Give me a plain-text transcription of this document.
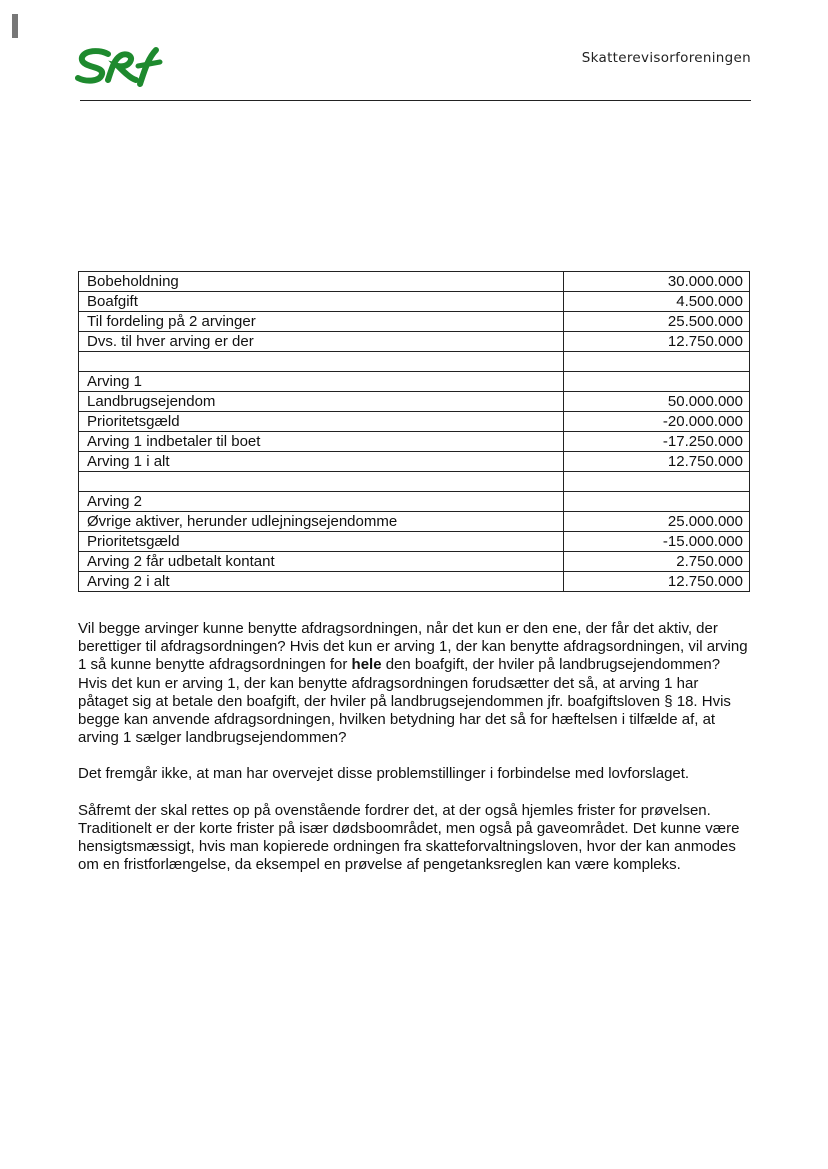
Skatterevisorforeningen
Bobeholdning	30.000.000
Boafgift	4.500.000
Til fordeling på 2 arvinger	25.500.000
Dvs. til hver arving er der	12.750.000

Arving 1	
Landbrugsejendom	50.000.000
Prioritetsgæld	-20.000.000
Arving 1 indbetaler til boet	-17.250.000
Arving 1 i alt	12.750.000

Arving 2	
Øvrige aktiver, herunder udlejningsejendomme	25.000.000
Prioritetsgæld	-15.000.000
Arving 2 får udbetalt kontant	2.750.000
Arving 2 i alt	12.750.000

Vil begge arvinger kunne benytte afdragsordningen, når det kun er den ene, der får det aktiv, der berettiger til afdragsordningen? Hvis det kun er arving 1, der kan benytte afdragsordningen, vil arving 1 så kunne benytte afdragsordningen for hele den boafgift, der hviler på landbrugsejendommen? Hvis det kun er arving 1, der kan benytte afdragsordningen forudsætter det så, at arving 1 har påtaget sig at betale den boafgift, der hviler på landbrugsejendommen jfr. boafgiftsloven § 18. Hvis begge kan anvende afdragsordningen, hvilken betydning har det så for hæftelsen i tilfælde af, at arving 1 sælger landbrugsejendommen?

Det fremgår ikke, at man har overvejet disse problemstillinger i forbindelse med lovforslaget.

Såfremt der skal rettes op på ovenstående fordrer det, at der også hjemles frister for prøvelsen. Traditionelt er der korte frister på især dødsboområdet, men også på gaveområdet. Det kunne være hensigtsmæssigt, hvis man kopierede ordningen fra skatteforvaltningsloven, hvor der kan anmodes om en fristforlængelse, da eksempel en prøvelse af pengetanksreglen kan være kompleks.
